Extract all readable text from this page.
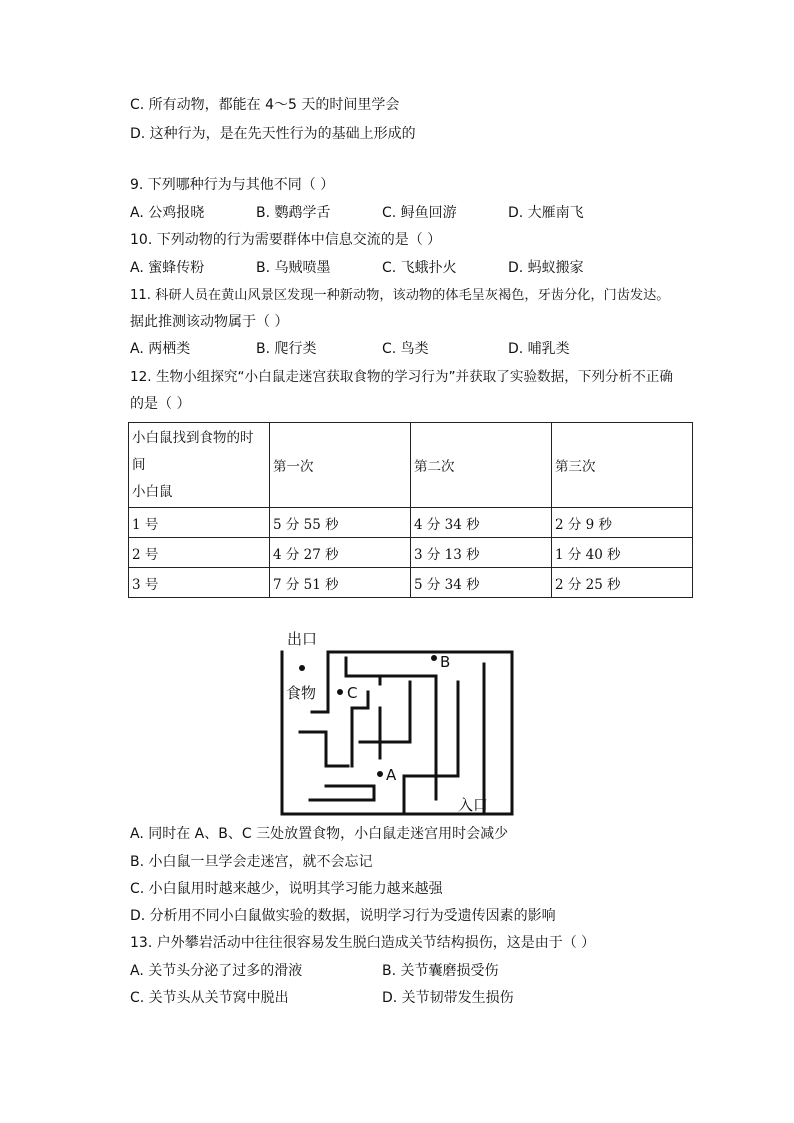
C. 所有动物，都能在 4～5 天的时间里学会
D. 这种行为，是在先天性行为的基础上形成的
9. 下列哪种行为与其他不同（ ）
A. 公鸡报晓	B. 鹦鹉学舌	C. 鲟鱼回游	D. 大雁南飞
10. 下列动物的行为需要群体中信息交流的是（ ）
A. 蜜蜂传粉	B. 乌贼喷墨	C. 飞蛾扑火	D. 蚂蚁搬家
11. 科研人员在黄山风景区发现一种新动物，该动物的体毛呈灰褐色，牙齿分化，门齿发达。
据此推测该动物属于（ ）
A. 两栖类	B. 爬行类	C. 鸟类	D. 哺乳类
12. 生物小组探究“小白鼠走迷宫获取食物的学习行为”并获取了实验数据，下列分析不正确
的是（ ）
小白鼠找到食物的时
间
小白鼠	第一次	第二次	第三次
1 号	5 分 55 秒	4 分 34 秒	2 分 9 秒
2 号	4 分 27 秒	3 分 13 秒	1 分 40 秒
3 号	7 分 51 秒	5 分 34 秒	2 分 25 秒
出口
食物 C
B
A
入口
A. 同时在 A、B、C 三处放置食物，小白鼠走迷宫用时会减少
B. 小白鼠一旦学会走迷宫，就不会忘记
C. 小白鼠用时越来越少，说明其学习能力越来越强
D. 分析用不同小白鼠做实验的数据，说明学习行为受遗传因素的影响
13. 户外攀岩活动中往往很容易发生脱臼造成关节结构损伤，这是由于（ ）
A. 关节头分泌了过多的滑液	B. 关节囊磨损受伤
C. 关节头从关节窝中脱出	D. 关节韧带发生损伤
